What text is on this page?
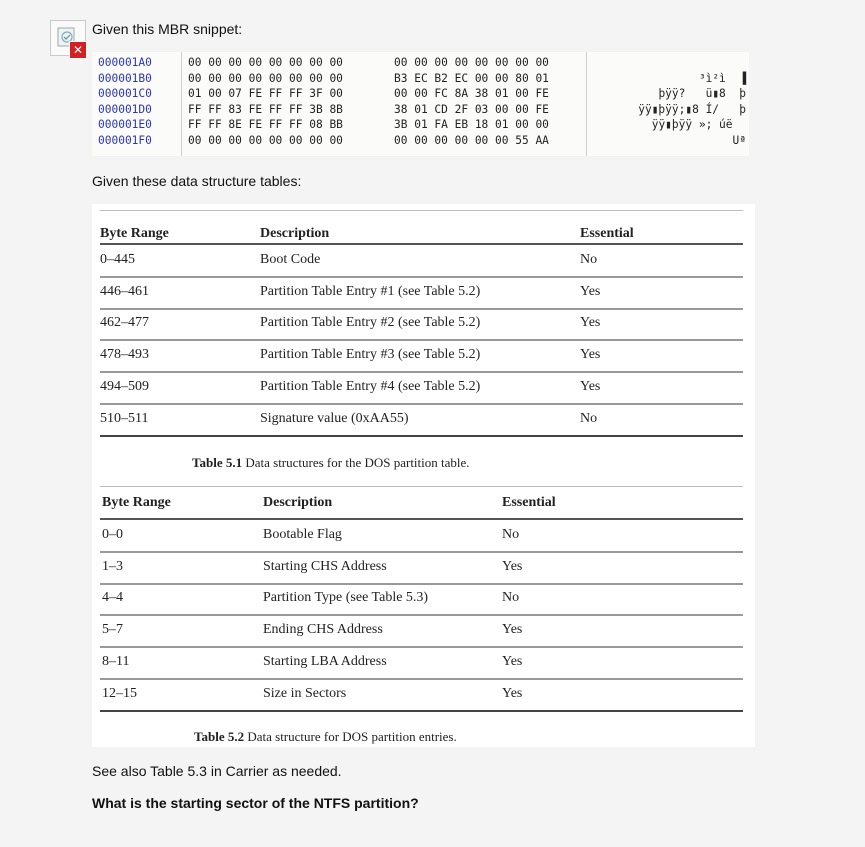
✕
Given this MBR snippet:
000001A0	00 00 00 00 00 00 00 00	00 00 00 00 00 00 00 00
000001B0	00 00 00 00 00 00 00 00	B3 EC B2 EC 00 00 80 01	³ì²ì  ▐
000001C0	01 00 07 FE FF FF 3F 00	00 00 FC 8A 38 01 00 FE	þÿÿ?   ü▮8  þ
000001D0	FF FF 83 FE FF FF 3B 8B	38 01 CD 2F 03 00 00 FE	ÿÿ▮þÿÿ;▮8 Í/   þ
000001E0	FF FF 8E FE FF FF 08 BB	3B 01 FA EB 18 01 00 00	ÿÿ▮þÿÿ »; úë
000001F0	00 00 00 00 00 00 00 00	00 00 00 00 00 00 55 AA	Uª
Given these data structure tables:
Byte Range	Description	Essential
0–445	Boot Code	No
446–461	Partition Table Entry #1 (see Table 5.2)	Yes
462–477	Partition Table Entry #2 (see Table 5.2)	Yes
478–493	Partition Table Entry #3 (see Table 5.2)	Yes
494–509	Partition Table Entry #4 (see Table 5.2)	Yes
510–511	Signature value (0xAA55)	No
Table 5.1 Data structures for the DOS partition table.
Byte Range	Description	Essential
0–0	Bootable Flag	No
1–3	Starting CHS Address	Yes
4–4	Partition Type (see Table 5.3)	No
5–7	Ending CHS Address	Yes
8–11	Starting LBA Address	Yes
12–15	Size in Sectors	Yes
Table 5.2 Data structure for DOS partition entries.
See also Table 5.3 in Carrier as needed.
What is the starting sector of the NTFS partition?
